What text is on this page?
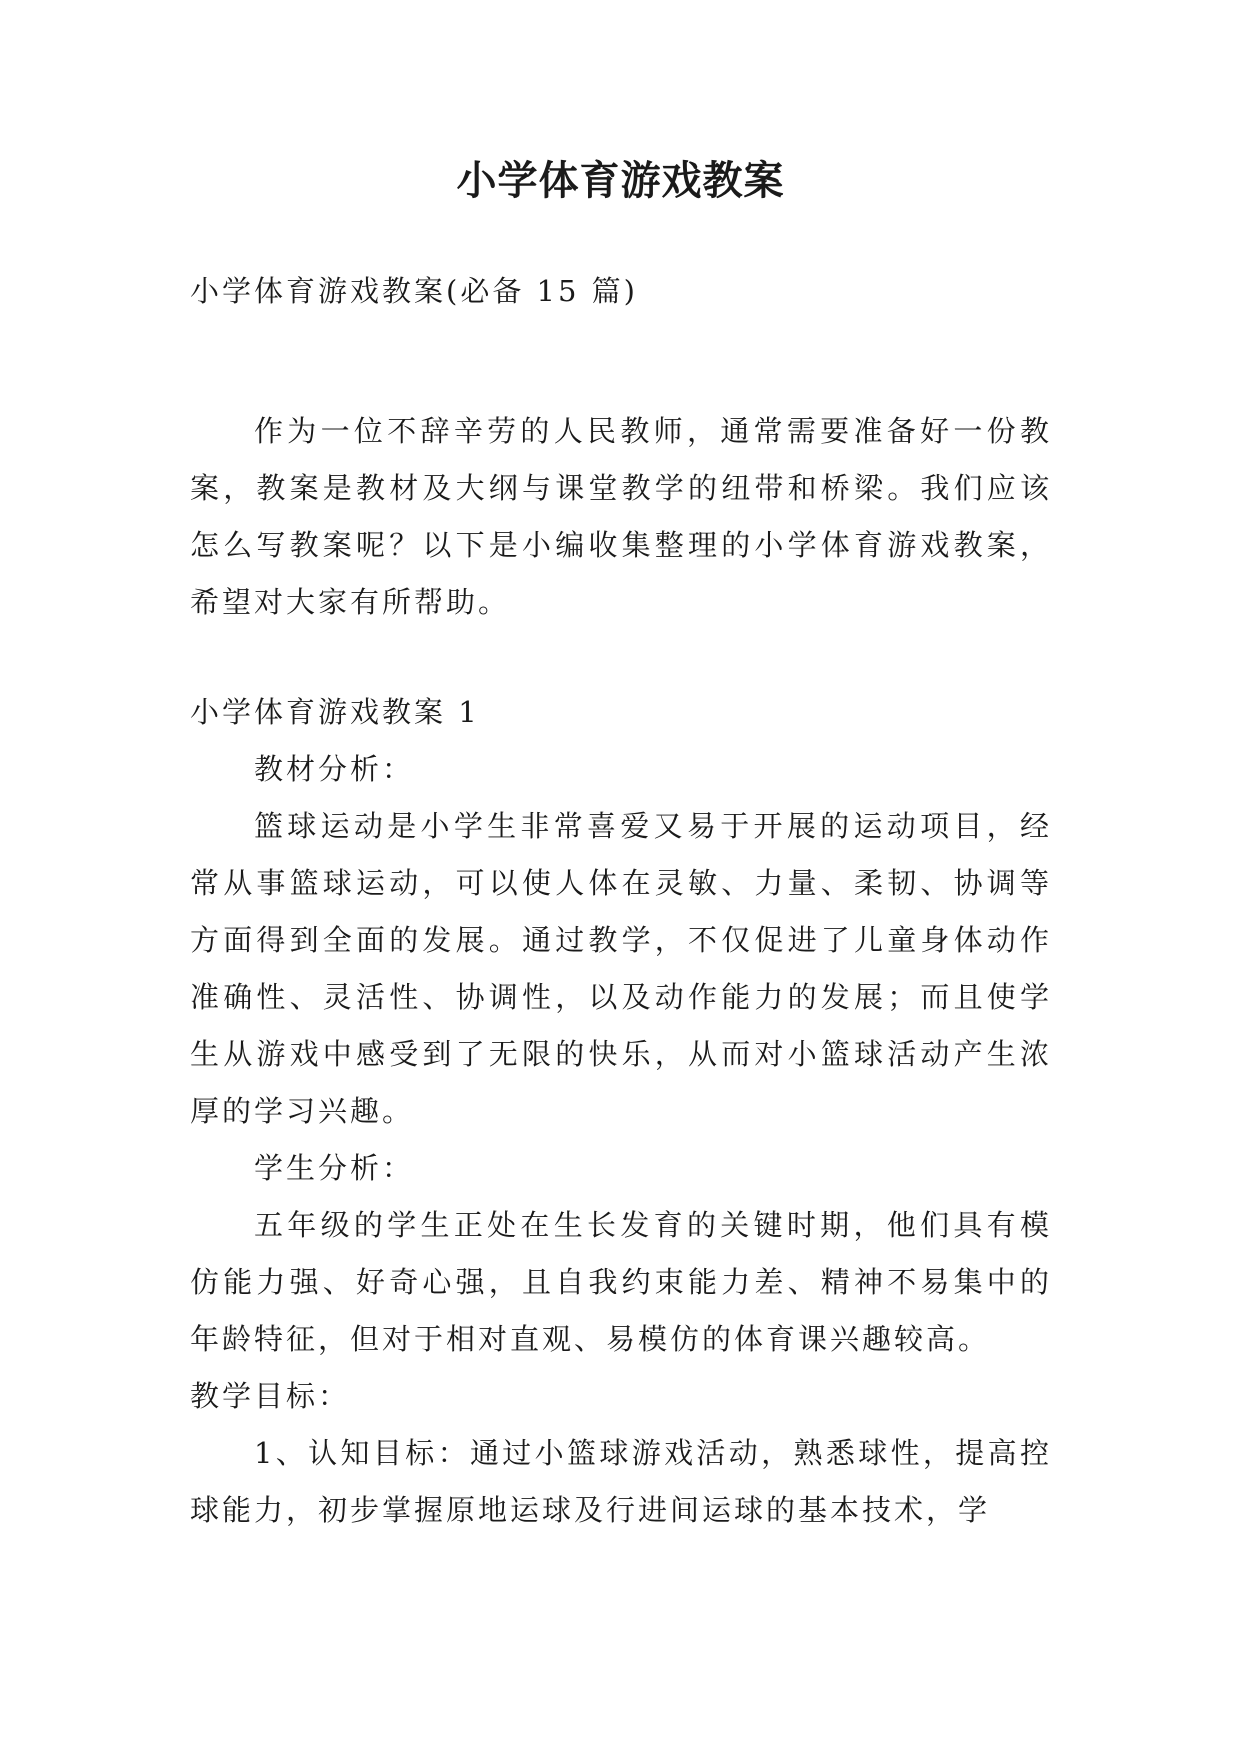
小学体育游戏教案

小学体育游戏教案(必备 15 篇)

作为一位不辞辛劳的人民教师，通常需要准备好一份教案，教案是教材及大纲与课堂教学的纽带和桥梁。我们应该怎么写教案呢？以下是小编收集整理的小学体育游戏教案，希望对大家有所帮助。

小学体育游戏教案 1

教材分析：

篮球运动是小学生非常喜爱又易于开展的运动项目，经常从事篮球运动，可以使人体在灵敏、力量、柔韧、协调等方面得到全面的发展。通过教学，不仅促进了儿童身体动作准确性、灵活性、协调性，以及动作能力的发展；而且使学生从游戏中感受到了无限的快乐，从而对小篮球活动产生浓厚的学习兴趣。

学生分析：

五年级的学生正处在生长发育的关键时期，他们具有模仿能力强、好奇心强，且自我约束能力差、精神不易集中的年龄特征，但对于相对直观、易模仿的体育课兴趣较高。

教学目标：

1、认知目标：通过小篮球游戏活动，熟悉球性，提高控球能力，初步掌握原地运球及行进间运球的基本技术，学
